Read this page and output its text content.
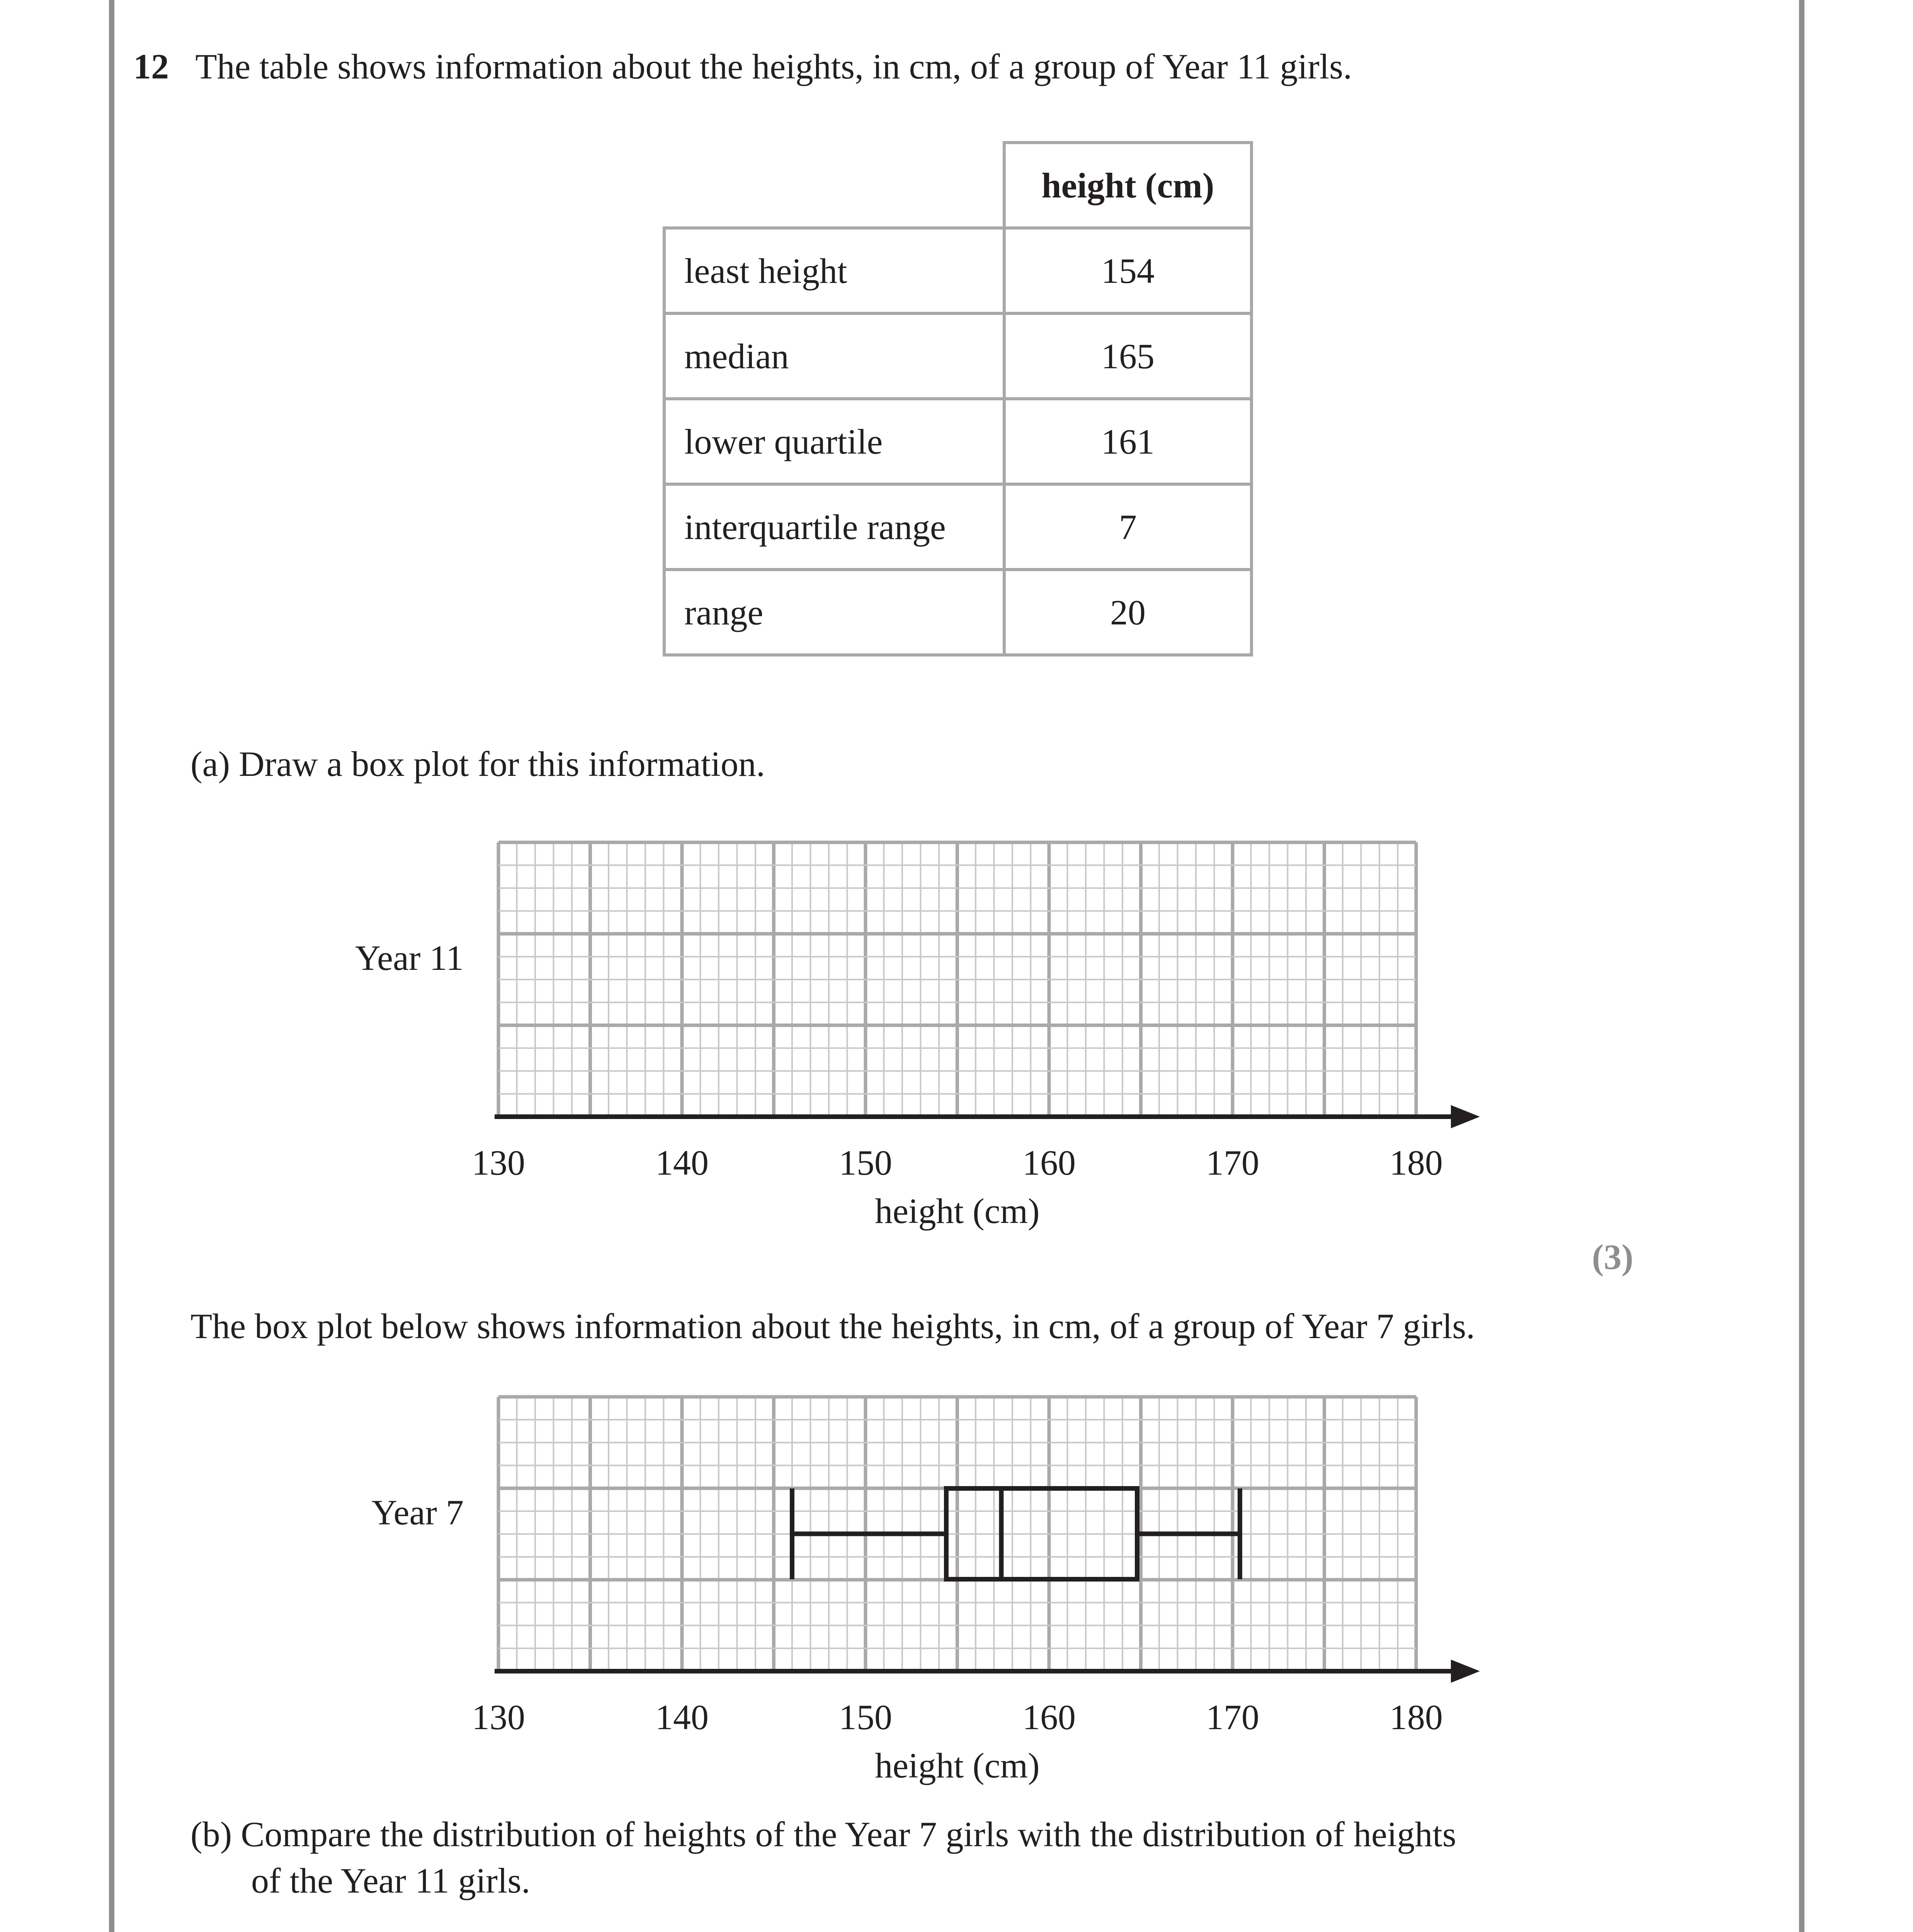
12 The table shows information about the heights, in cm, of a group of Year 11 girls.
	height (cm)
least height	154
median	165
lower quartile	161
interquartile range	7
range	20
(a) Draw a box plot for this information.
130	140	150	160	170	180
height (cm)
Year 11
(3)
The box plot below shows information about the heights, in cm, of a group of Year 7 girls.
130	140	150	160	170	180
height (cm)
Year 7
(b) Compare the distribution of heights of the Year 7 girls with the distribution of heights
of the Year 11 girls.
